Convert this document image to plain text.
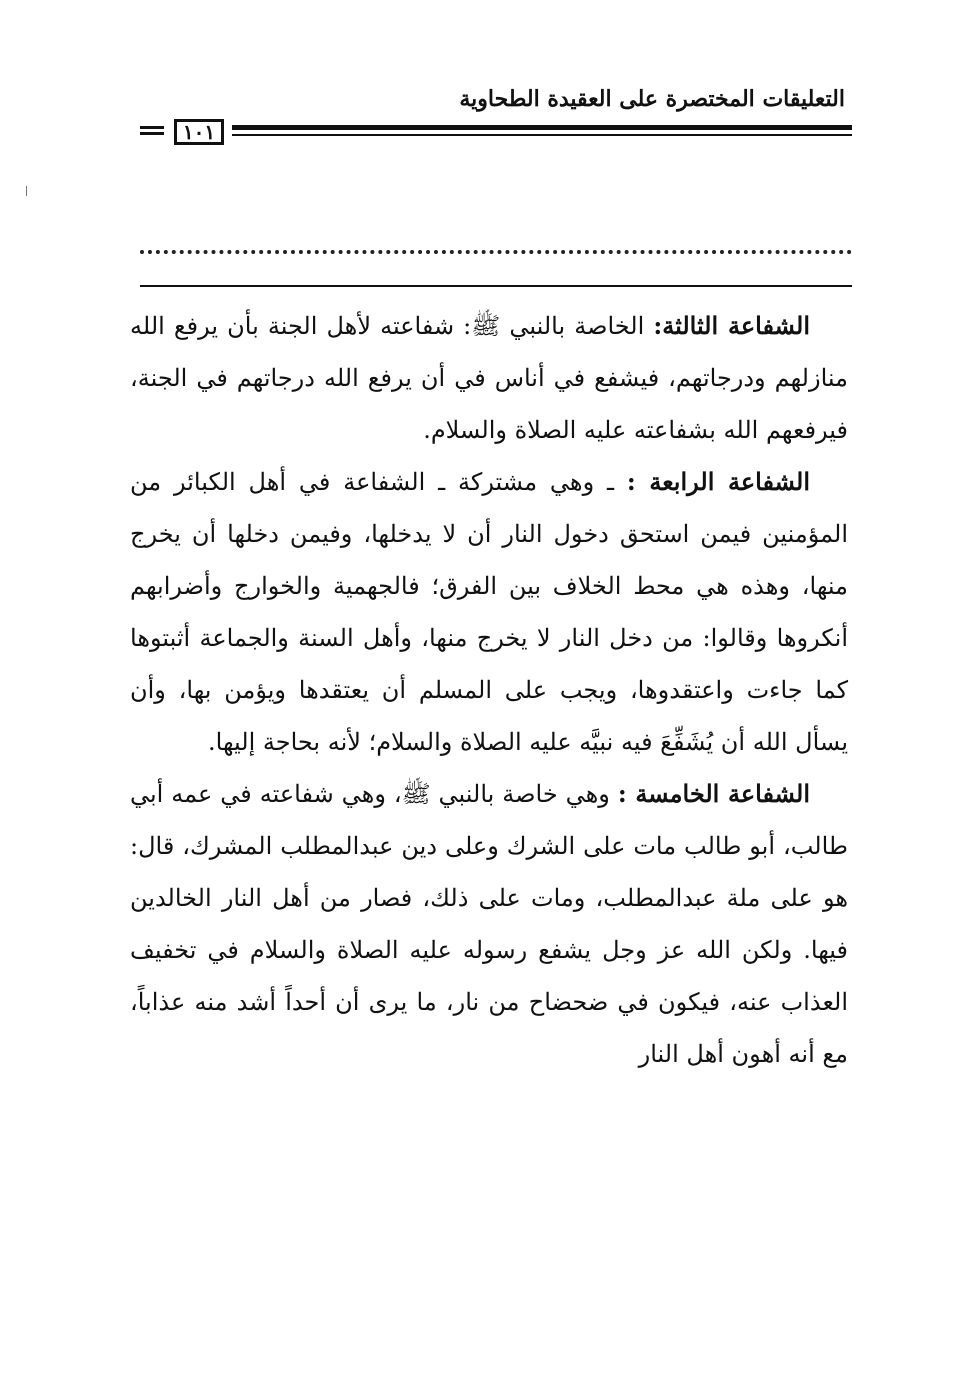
التعليقات المختصرة على العقيدة الطحاوية
١٠١

الشفاعة الثالثة: الخاصة بالنبي ﷺ: شفاعته لأهل الجنة بأن يرفع الله منازلهم ودرجاتهم، فيشفع في أناس في أن يرفع الله درجاتهم في الجنة، فيرفعهم الله بشفاعته عليه الصلاة والسلام.

الشفاعة الرابعة : ـ وهي مشتركة ـ الشفاعة في أهل الكبائر من المؤمنين فيمن استحق دخول النار أن لا يدخلها، وفيمن دخلها أن يخرج منها، وهذه هي محط الخلاف بين الفرق؛ فالجهمية والخوارج وأضرابهم أنكروها وقالوا: من دخل النار لا يخرج منها، وأهل السنة والجماعة أثبتوها كما جاءت واعتقدوها، ويجب على المسلم أن يعتقدها ويؤمن بها، وأن يسأل الله أن يُشَفِّعَ فيه نبيَّه عليه الصلاة والسلام؛ لأنه بحاجة إليها.

الشفاعة الخامسة : وهي خاصة بالنبي ﷺ، وهي شفاعته في عمه أبي طالب، أبو طالب مات على الشرك وعلى دين عبدالمطلب المشرك، قال: هو على ملة عبدالمطلب، ومات على ذلك، فصار من أهل النار الخالدين فيها. ولكن الله عز وجل يشفع رسوله عليه الصلاة والسلام في تخفيف العذاب عنه، فيكون في ضحضاح من نار، ما يرى أن أحداً أشد منه عذاباً، مع أنه أهون أهل النار
